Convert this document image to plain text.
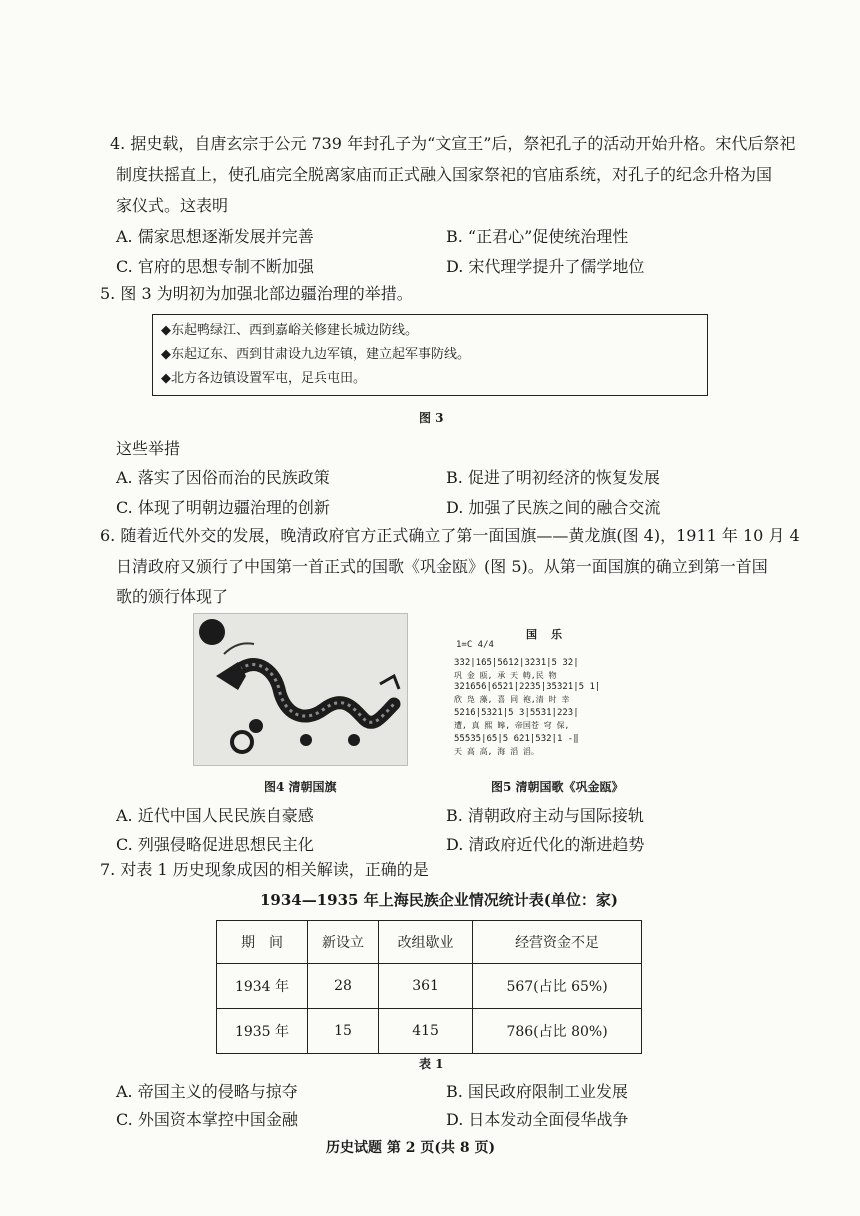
4. 据史载，自唐玄宗于公元 739 年封孔子为“文宣王”后，祭祀孔子的活动开始升格。宋代后祭祀
制度扶摇直上，使孔庙完全脱离家庙而正式融入国家祭祀的官庙系统，对孔子的纪念升格为国
家仪式。这表明
A. 儒家思想逐渐发展并完善	B. “正君心”促使统治理性
C. 官府的思想专制不断加强	D. 宋代理学提升了儒学地位
5. 图 3 为明初为加强北部边疆治理的举措。
◆东起鸭绿江、西到嘉峪关修建长城边防线。
◆东起辽东、西到甘肃设九边军镇，建立起军事防线。
◆北方各边镇设置军屯，足兵屯田。
图 3
这些举措
A. 落实了因俗而治的民族政策	B. 促进了明初经济的恢复发展
C. 体现了明朝边疆治理的创新	D. 加强了民族之间的融合交流
6. 随着近代外交的发展，晚清政府官方正式确立了第一面国旗——黄龙旗(图 4)，1911 年 10 月 4
日清政府又颁行了中国第一首正式的国歌《巩金瓯》(图 5)。从第一面国旗的确立到第一首国
歌的颁行体现了
图4 清朝国旗
国乐
1=C 4/4
3̇3̇2|1̇6̇5̇|5̇6̇1̇2|3̇2̇3̇1̇|5 3̇2̇|
巩 金 瓯, 承 天 帱,民 物
3̇2̇1̇6̇5̇6̇|6̇5̇2̇1̇|2̇2̇3̇5̇|3̇5̇3̇2̇1̇|5 1̇|
欣 凫 藻, 喜 同 袍,清 时 幸
5̇2̇1̇6̇|5̇3̇2̇1̇|5 3̇|5̇5̇3̇1̇|2̇2̇3̇|
遭, 真 熙 皞, 帝国苍 穹 保,
5̇5̇5̇3̇5|6̇5̇|5 6̇2̇1̇|5̇3̇2̇|1 -‖
天 高 高, 海 滔 滔。
图5 清朝国歌《巩金瓯》
A. 近代中国人民民族自豪感	B. 清朝政府主动与国际接轨
C. 列强侵略促进思想民主化	D. 清政府近代化的渐进趋势
7. 对表 1 历史现象成因的相关解读，正确的是
1934—1935 年上海民族企业情况统计表(单位：家)
期　间	新设立	改组歇业	经营资金不足
1934 年	28	361	567(占比 65%)
1935 年	15	415	786(占比 80%)
表 1
A. 帝国主义的侵略与掠夺	B. 国民政府限制工业发展
C. 外国资本掌控中国金融	D. 日本发动全面侵华战争
历史试题 第 2 页(共 8 页)
